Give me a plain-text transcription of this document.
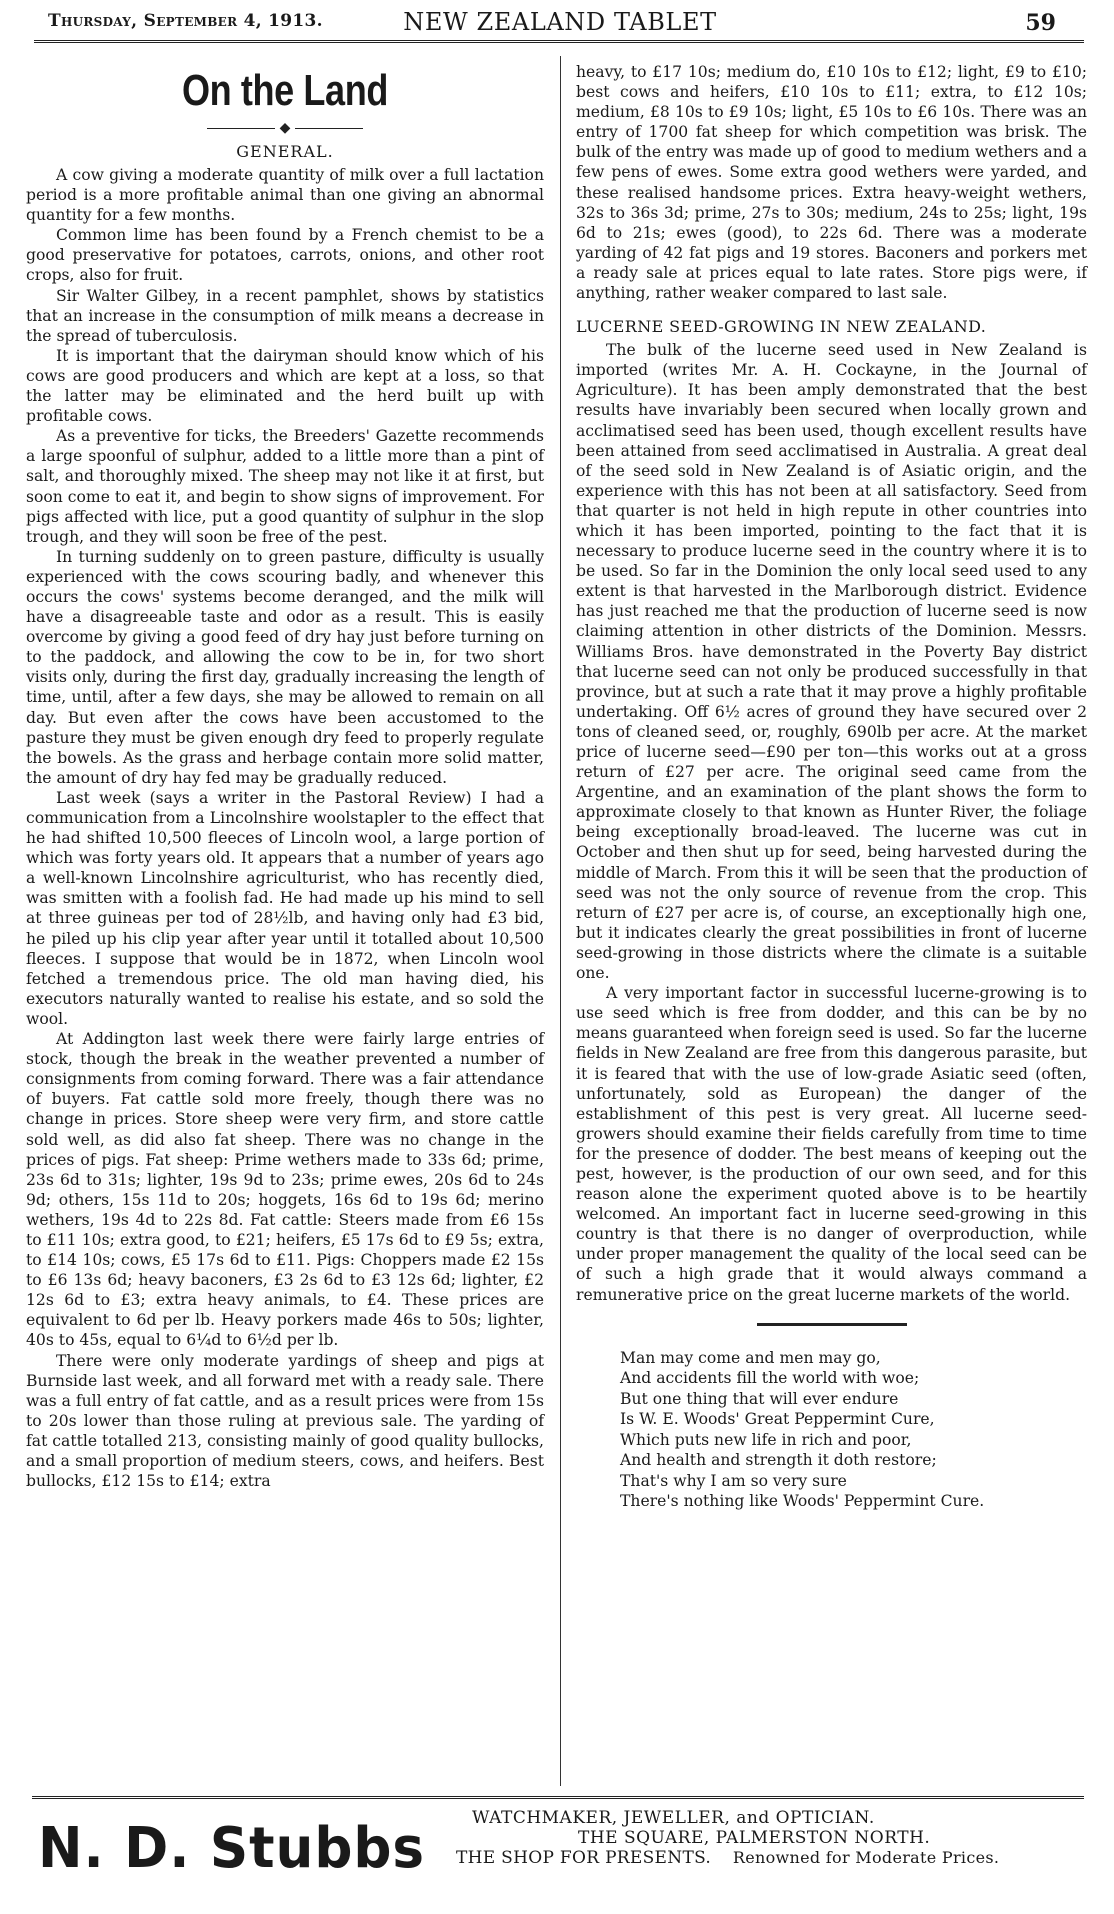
Thursday, September 4, 1913.	NEW ZEALAND TABLET	59
On the Land
◆
GENERAL.

A cow giving a moderate quantity of milk over a full lactation period is a more profitable animal than one giving an abnormal quantity for a few months.

Common lime has been found by a French chemist to be a good preservative for potatoes, carrots, onions, and other root crops, also for fruit.

Sir Walter Gilbey, in a recent pamphlet, shows by statistics that an increase in the consumption of milk means a decrease in the spread of tuberculosis.

It is important that the dairyman should know which of his cows are good producers and which are kept at a loss, so that the latter may be eliminated and the herd built up with profitable cows.

As a preventive for ticks, the Breeders' Gazette recommends a large spoonful of sulphur, added to a little more than a pint of salt, and thoroughly mixed. The sheep may not like it at first, but soon come to eat it, and begin to show signs of improvement. For pigs affected with lice, put a good quantity of sulphur in the slop trough, and they will soon be free of the pest.

In turning suddenly on to green pasture, difficulty is usually experienced with the cows scouring badly, and whenever this occurs the cows' systems become deranged, and the milk will have a disagreeable taste and odor as a result. This is easily overcome by giving a good feed of dry hay just before turning on to the paddock, and allowing the cow to be in, for two short visits only, during the first day, gradually increasing the length of time, until, after a few days, she may be allowed to remain on all day. But even after the cows have been accustomed to the pasture they must be given enough dry feed to properly regulate the bowels. As the grass and herbage contain more solid matter, the amount of dry hay fed may be gradually reduced.

Last week (says a writer in the Pastoral Review) I had a communication from a Lincolnshire woolstapler to the effect that he had shifted 10,500 fleeces of Lincoln wool, a large portion of which was forty years old. It appears that a number of years ago a well-known Lincolnshire agriculturist, who has recently died, was smitten with a foolish fad. He had made up his mind to sell at three guineas per tod of 28½lb, and having only had £3 bid, he piled up his clip year after year until it totalled about 10,500 fleeces. I suppose that would be in 1872, when Lincoln wool fetched a tremendous price. The old man having died, his executors naturally wanted to realise his estate, and so sold the wool.

At Addington last week there were fairly large entries of stock, though the break in the weather prevented a number of consignments from coming forward. There was a fair attendance of buyers. Fat cattle sold more freely, though there was no change in prices. Store sheep were very firm, and store cattle sold well, as did also fat sheep. There was no change in the prices of pigs. Fat sheep: Prime wethers made to 33s 6d; prime, 23s 6d to 31s; lighter, 19s 9d to 23s; prime ewes, 20s 6d to 24s 9d; others, 15s 11d to 20s; hoggets, 16s 6d to 19s 6d; merino wethers, 19s 4d to 22s 8d. Fat cattle: Steers made from £6 15s to £11 10s; extra good, to £21; heifers, £5 17s 6d to £9 5s; extra, to £14 10s; cows, £5 17s 6d to £11. Pigs: Choppers made £2 15s to £6 13s 6d; heavy baconers, £3 2s 6d to £3 12s 6d; lighter, £2 12s 6d to £3; extra heavy animals, to £4. These prices are equivalent to 6d per lb. Heavy porkers made 46s to 50s; lighter, 40s to 45s, equal to 6¼d to 6½d per lb.

There were only moderate yardings of sheep and pigs at Burnside last week, and all forward met with a ready sale. There was a full entry of fat cattle, and as a result prices were from 15s to 20s lower than those ruling at previous sale. The yarding of fat cattle totalled 213, consisting mainly of good quality bullocks, and a small proportion of medium steers, cows, and heifers. Best bullocks, £12 15s to £14; extra

heavy, to £17 10s; medium do, £10 10s to £12; light, £9 to £10; best cows and heifers, £10 10s to £11; extra, to £12 10s; medium, £8 10s to £9 10s; light, £5 10s to £6 10s. There was an entry of 1700 fat sheep for which competition was brisk. The bulk of the entry was made up of good to medium wethers and a few pens of ewes. Some extra good wethers were yarded, and these realised handsome prices. Extra heavy-weight wethers, 32s to 36s 3d; prime, 27s to 30s; medium, 24s to 25s; light, 19s 6d to 21s; ewes (good), to 22s 6d. There was a moderate yarding of 42 fat pigs and 19 stores. Baconers and porkers met a ready sale at prices equal to late rates. Store pigs were, if anything, rather weaker compared to last sale.

LUCERNE SEED-GROWING IN NEW ZEALAND.

The bulk of the lucerne seed used in New Zealand is imported (writes Mr. A. H. Cockayne, in the Journal of Agriculture). It has been amply demonstrated that the best results have invariably been secured when locally grown and acclimatised seed has been used, though excellent results have been attained from seed acclimatised in Australia. A great deal of the seed sold in New Zealand is of Asiatic origin, and the experience with this has not been at all satisfactory. Seed from that quarter is not held in high repute in other countries into which it has been imported, pointing to the fact that it is necessary to produce lucerne seed in the country where it is to be used. So far in the Dominion the only local seed used to any extent is that harvested in the Marlborough district. Evidence has just reached me that the production of lucerne seed is now claiming attention in other districts of the Dominion. Messrs. Williams Bros. have demonstrated in the Poverty Bay district that lucerne seed can not only be produced successfully in that province, but at such a rate that it may prove a highly profitable undertaking. Off 6½ acres of ground they have secured over 2 tons of cleaned seed, or, roughly, 690lb per acre. At the market price of lucerne seed—£90 per ton—this works out at a gross return of £27 per acre. The original seed came from the Argentine, and an examination of the plant shows the form to approximate closely to that known as Hunter River, the foliage being exceptionally broad-leaved. The lucerne was cut in October and then shut up for seed, being harvested during the middle of March. From this it will be seen that the production of seed was not the only source of revenue from the crop. This return of £27 per acre is, of course, an exceptionally high one, but it indicates clearly the great possibilities in front of lucerne seed-growing in those districts where the climate is a suitable one.

A very important factor in successful lucerne-growing is to use seed which is free from dodder, and this can be by no means guaranteed when foreign seed is used. So far the lucerne fields in New Zealand are free from this dangerous parasite, but it is feared that with the use of low-grade Asiatic seed (often, unfortunately, sold as European) the danger of the establishment of this pest is very great. All lucerne seed-growers should examine their fields carefully from time to time for the presence of dodder. The best means of keeping out the pest, however, is the production of our own seed, and for this reason alone the experiment quoted above is to be heartily welcomed. An important fact in lucerne seed-growing in this country is that there is no danger of overproduction, while under proper management the quality of the local seed can be of such a high grade that it would always command a remunerative price on the great lucerne markets of the world.

Man may come and men may go,
And accidents fill the world with woe;
But one thing that will ever endure
Is W. E. Woods' Great Peppermint Cure,
Which puts new life in rich and poor,
And health and strength it doth restore;
That's why I am so very sure
There's nothing like Woods' Peppermint Cure.
N. D. Stubbs	WATCHMAKER, JEWELLER, and OPTICIAN.
THE SQUARE, PALMERSTON NORTH.
THE SHOP FOR PRESENTS. Renowned for Moderate Prices.
